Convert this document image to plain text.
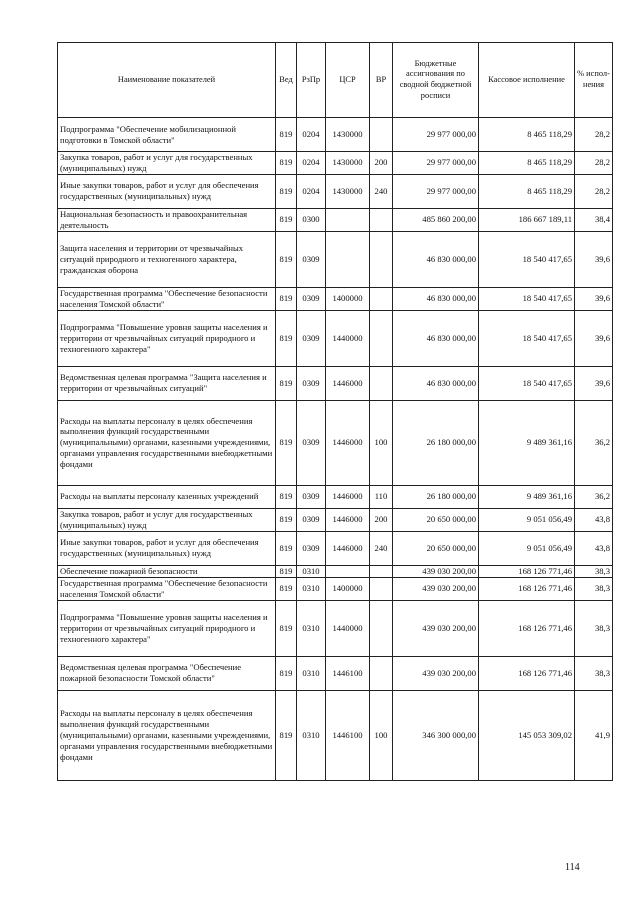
Наименование показателей	Вед	РзПр	ЦСР	ВР	Бюджетные ассигнования по сводной бюджетной росписи	Кассовое исполнение	% испол- нения
Подпрограмма "Обеспечение мобилизационной подготовки в Томской области"	819	0204	1430000		29 977 000,00	8 465 118,29	28,2
Закупка товаров, работ и услуг для государственных (муниципальных) нужд	819	0204	1430000	200	29 977 000,00	8 465 118,29	28,2
Иные закупки товаров, работ и услуг для обеспечения государственных (муниципальных) нужд	819	0204	1430000	240	29 977 000,00	8 465 118,29	28,2
Национальная безопасность и правоохранительная деятельность	819	0300			485 860 200,00	186 667 189,11	38,4
Защита населения и территории от чрезвычайных ситуаций природного и техногенного характера, гражданская оборона	819	0309			46 830 000,00	18 540 417,65	39,6
Государственная программа "Обеспечение безопасности населения Томской области"	819	0309	1400000		46 830 000,00	18 540 417,65	39,6
Подпрограмма "Повышение уровня защиты населения и территории от чрезвычайных ситуаций природного и техногенного характера"	819	0309	1440000		46 830 000,00	18 540 417,65	39,6
Ведомственная целевая программа "Защита населения и территории от чрезвычайных ситуаций"	819	0309	1446000		46 830 000,00	18 540 417,65	39,6
Расходы на выплаты персоналу в целях обеспечения выполнения функций государственными (муниципальными) органами, казенными учреждениями, органами управления государственными внебюджетными фондами	819	0309	1446000	100	26 180 000,00	9 489 361,16	36,2
Расходы на выплаты персоналу казенных учреждений	819	0309	1446000	110	26 180 000,00	9 489 361,16	36,2
Закупка товаров, работ и услуг для государственных (муниципальных) нужд	819	0309	1446000	200	20 650 000,00	9 051 056,49	43,8
Иные закупки товаров, работ и услуг для обеспечения государственных (муниципальных) нужд	819	0309	1446000	240	20 650 000,00	9 051 056,49	43,8
Обеспечение пожарной безопасности	819	0310			439 030 200,00	168 126 771,46	38,3
Государственная программа "Обеспечение безопасности населения Томской области"	819	0310	1400000		439 030 200,00	168 126 771,46	38,3
Подпрограмма "Повышение уровня защиты населения и территории от чрезвычайных ситуаций природного и техногенного характера"	819	0310	1440000		439 030 200,00	168 126 771,46	38,3
Ведомственная целевая программа "Обеспечение пожарной безопасности Томской области"	819	0310	1446100		439 030 200,00	168 126 771,46	38,3
Расходы на выплаты персоналу в целях обеспечения выполнения функций государственными (муниципальными) органами, казенными учреждениями, органами управления государственными внебюджетными фондами	819	0310	1446100	100	346 300 000,00	145 053 309,02	41,9
114
